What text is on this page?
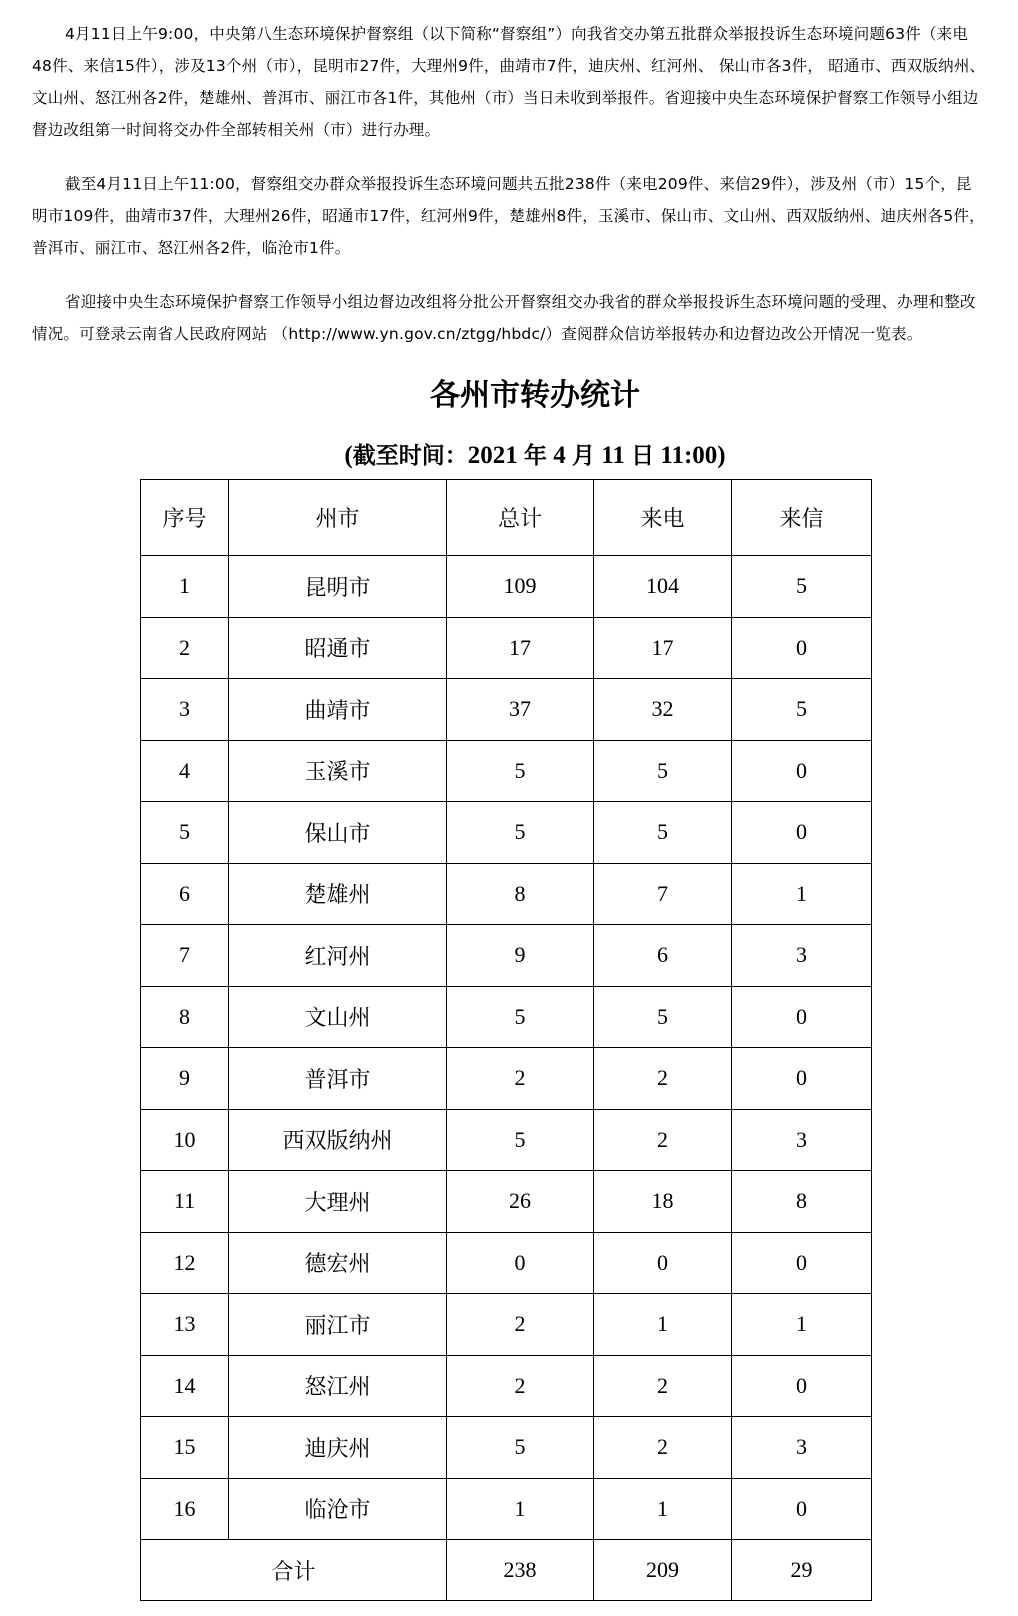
4月11日上午9:00，中央第八生态环境保护督察组（以下简称“督察组”）向我省交办第五批群众举报投诉生态环境问题63件（来电48件、来信15件），涉及13个州（市），昆明市27件，大理州9件，曲靖市7件，迪庆州、红河州、 保山市各3件， 昭通市、西双版纳州、文山州、怒江州各2件，楚雄州、普洱市、丽江市各1件，其他州（市）当日未收到举报件。省迎接中央生态环境保护督察工作领导小组边督边改组第一时间将交办件全部转相关州（市）进行办理。

截至4月11日上午11:00，督察组交办群众举报投诉生态环境问题共五批238件（来电209件、来信29件），涉及州（市）15个，昆明市109件，曲靖市37件，大理州26件，昭通市17件，红河州9件，楚雄州8件，玉溪市、保山市、文山州、西双版纳州、迪庆州各5件，普洱市、丽江市、怒江州各2件，临沧市1件。

省迎接中央生态环境保护督察工作领导小组边督边改组将分批公开督察组交办我省的群众举报投诉生态环境问题的受理、办理和整改情况。可登录云南省人民政府网站 （http://www.yn.gov.cn/ztgg/hbdc/）查阅群众信访举报转办和边督边改公开情况一览表。

各州市转办统计

(截至时间：2021 年 4 月 11 日 11:00)

序号	州市	总计	来电	来信
1	昆明市	109	104	5
2	昭通市	17	17	0
3	曲靖市	37	32	5
4	玉溪市	5	5	0
5	保山市	5	5	0
6	楚雄州	8	7	1
7	红河州	9	6	3
8	文山州	5	5	0
9	普洱市	2	2	0
10	西双版纳州	5	2	3
11	大理州	26	18	8
12	德宏州	0	0	0
13	丽江市	2	1	1
14	怒江州	2	2	0
15	迪庆州	5	2	3
16	临沧市	1	1	0
合计		238	209	29
